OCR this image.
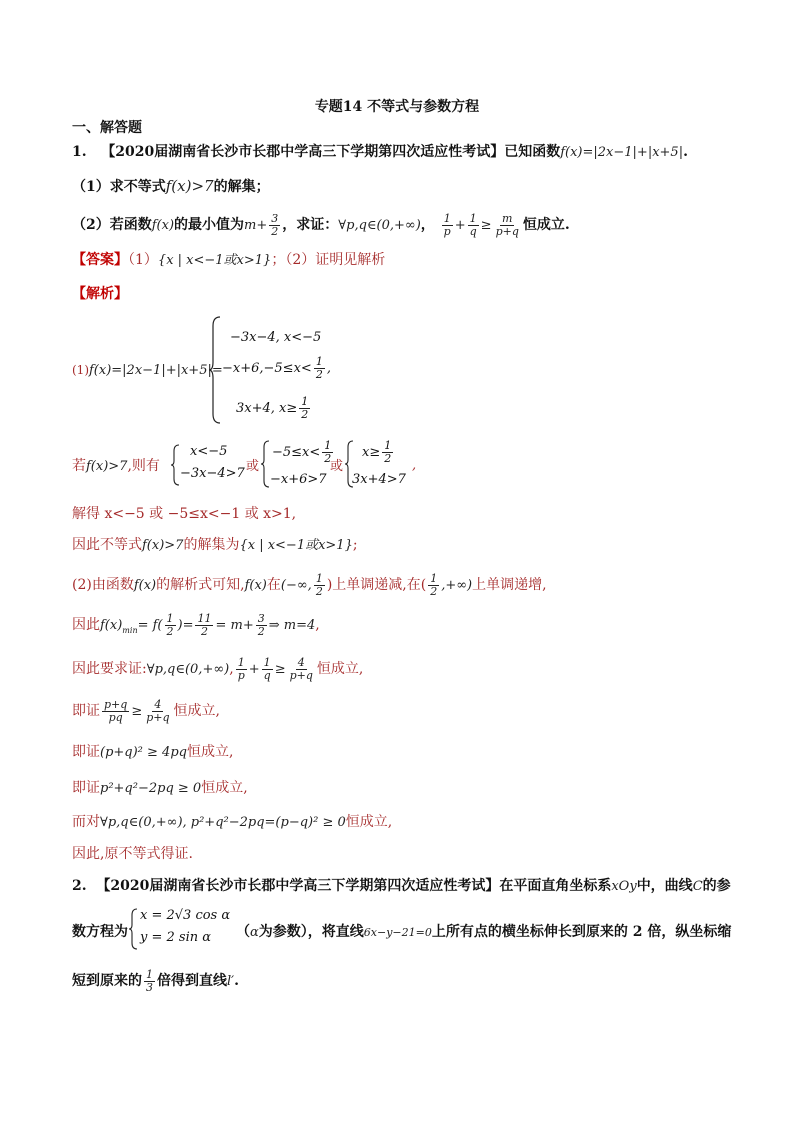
专题14 不等式与参数方程
一、解答题
1. 【2020届湖南省长沙市长郡中学高三下学期第四次适应性考试】已知函数f(x)=|2x−1|+|x+5|.
（1）求不等式f(x)>7的解集；
（2）若函数f(x)的最小值为$m+ \frac{3}{2}$ ，求证：∀p,q∈(0,+∞)， $\frac{1}{p} + \frac{1}{q} \ge \frac{m}{p+q}$ 恒成立.
【答案】（1）{x | x<−1或x>1}；（2）证明见解析
【解析】
(1)f(x)=|2x−1|+|x+5|=
−3x−4, x<−5
$-x+6,-5\le x< \frac{1}{2}$ ,
3x+4, $x\ge \frac{1}{2}$
若f(x)>7,则有
x<−5
−3x−4>7 或
$-5\le x< \frac{1}{2}$
−x+6>7
或
$x\ge \frac{1}{2}$
3x+4>7
,
解得 x<−5 或 −5≤x<−1 或 x>1,
因此不等式f(x)>7的解集为{x | x<−1或x>1};
(2)由函数f(x)的解析式可知,f(x)在(−∞, $\frac{1}{2}$ )上单调递减,在( $\frac{1}{2}$ ,+∞)上单调递增,
因此$f(x)_{min}= f( \frac{1}{2}$ )= $\frac{11}{2} = m+ \frac{3}{2}$ ⇒ m=4,
因此要求证:∀p,q∈(0,+∞), $\frac{1}{p} + \frac{1}{q} \ge \frac{4}{p+q}$ 恒成立,
即证 $\frac{p+q}{pq} \ge \frac{4}{p+q}$ 恒成立,
即证(p+q)² ≥ 4pq恒成立,
即证p²+q²−2pq ≥ 0恒成立,
而对∀p,q∈(0,+∞), p²+q²−2pq=(p−q)² ≥ 0恒成立,
因此,原不等式得证.
2. 【2020届湖南省长沙市长郡中学高三下学期第四次适应性考试】在平面直角坐标系xOy中，曲线C的参
数方程为
x = 2√3 cos α
y = 2 sin α （α为参数），将直线6x−y−21=0上所有点的横坐标伸长到原来的 2 倍，纵坐标缩
短到原来的 $\frac{1}{3}$ 倍得到直线l′.
